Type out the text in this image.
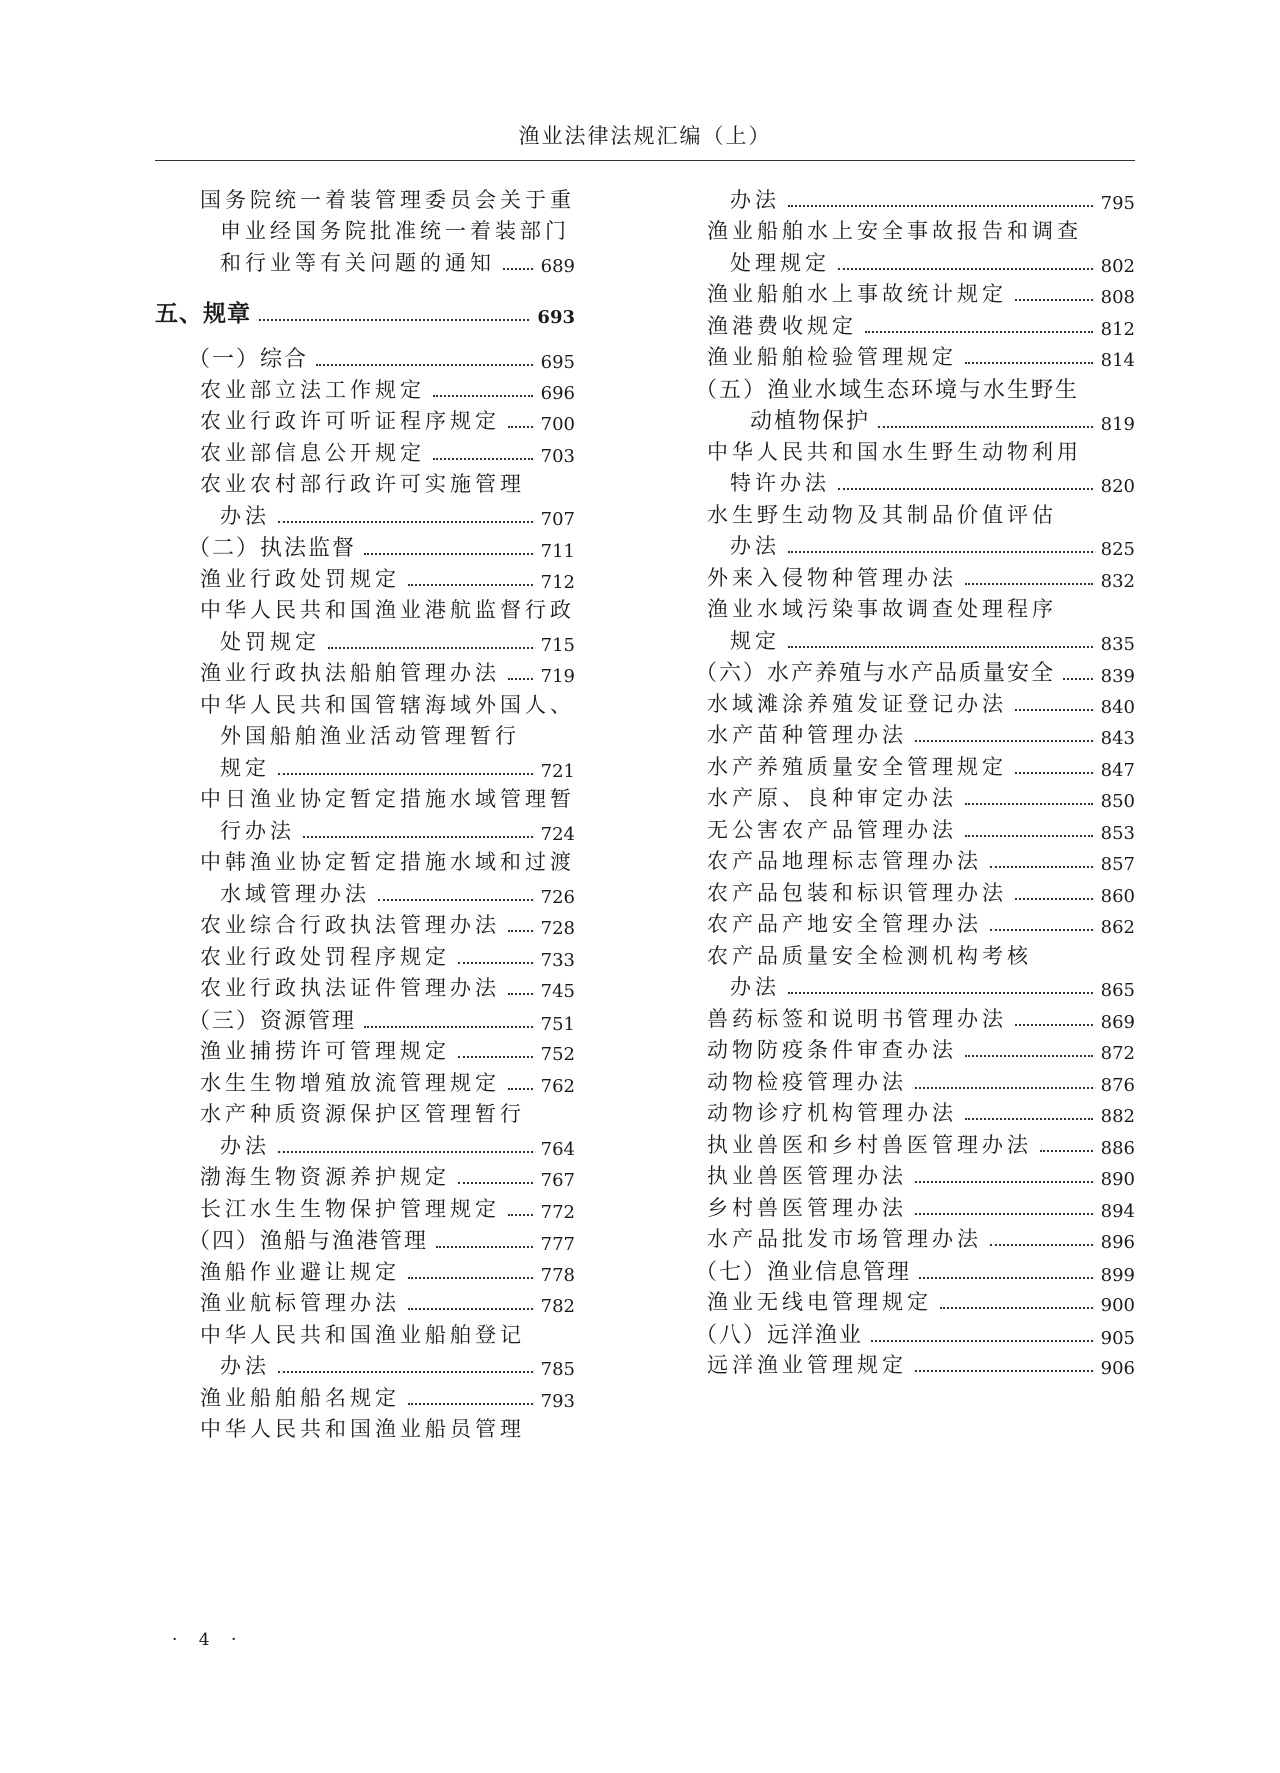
渔业法律法规汇编（上）
国务院统一着装管理委员会关于重
申业经国务院批准统一着装部门
和行业等有关问题的通知	689
五、规章	693
（一）综合	695
农业部立法工作规定	696
农业行政许可听证程序规定 700
农业部信息公开规定	703
农业农村部行政许可实施管理
办法	707
（二）执法监督	711
渔业行政处罚规定	712
中华人民共和国渔业港航监督行政
处罚规定	715
渔业行政执法船舶管理办法 719
中华人民共和国管辖海域外国人、
外国船舶渔业活动管理暂行
规定	721
中日渔业协定暂定措施水域管理暂
行办法	724
中韩渔业协定暂定措施水域和过渡
水域管理办法	726
农业综合行政执法管理办法 728
农业行政处罚程序规定	733
农业行政执法证件管理办法 745
（三）资源管理	751
渔业捕捞许可管理规定	752
水生生物增殖放流管理规定 762
水产种质资源保护区管理暂行
办法	764
渤海生物资源养护规定	767
长江水生生物保护管理规定 772
（四）渔船与渔港管理	777
渔船作业避让规定	778
渔业航标管理办法	782
中华人民共和国渔业船舶登记
办法	785
渔业船舶船名规定	793
中华人民共和国渔业船员管理
办法	795
渔业船舶水上安全事故报告和调查
处理规定	802
渔业船舶水上事故统计规定	808
渔港费收规定	812
渔业船舶检验管理规定	814
（五）渔业水域生态环境与水生野生
动植物保护	819
中华人民共和国水生野生动物利用
特许办法	820
水生野生动物及其制品价值评估
办法	825
外来入侵物种管理办法	832
渔业水域污染事故调查处理程序
规定	835
（六）水产养殖与水产品质量安全	839
水域滩涂养殖发证登记办法	840
水产苗种管理办法	843
水产养殖质量安全管理规定	847
水产原、良种审定办法	850
无公害农产品管理办法	853
农产品地理标志管理办法	857
农产品包装和标识管理办法	860
农产品产地安全管理办法	862
农产品质量安全检测机构考核
办法	865
兽药标签和说明书管理办法	869
动物防疫条件审查办法	872
动物检疫管理办法	876
动物诊疗机构管理办法	882
执业兽医和乡村兽医管理办法	886
执业兽医管理办法	890
乡村兽医管理办法	894
水产品批发市场管理办法	896
（七）渔业信息管理	899
渔业无线电管理规定	900
（八）远洋渔业	905
远洋渔业管理规定	906
· 4 ·
